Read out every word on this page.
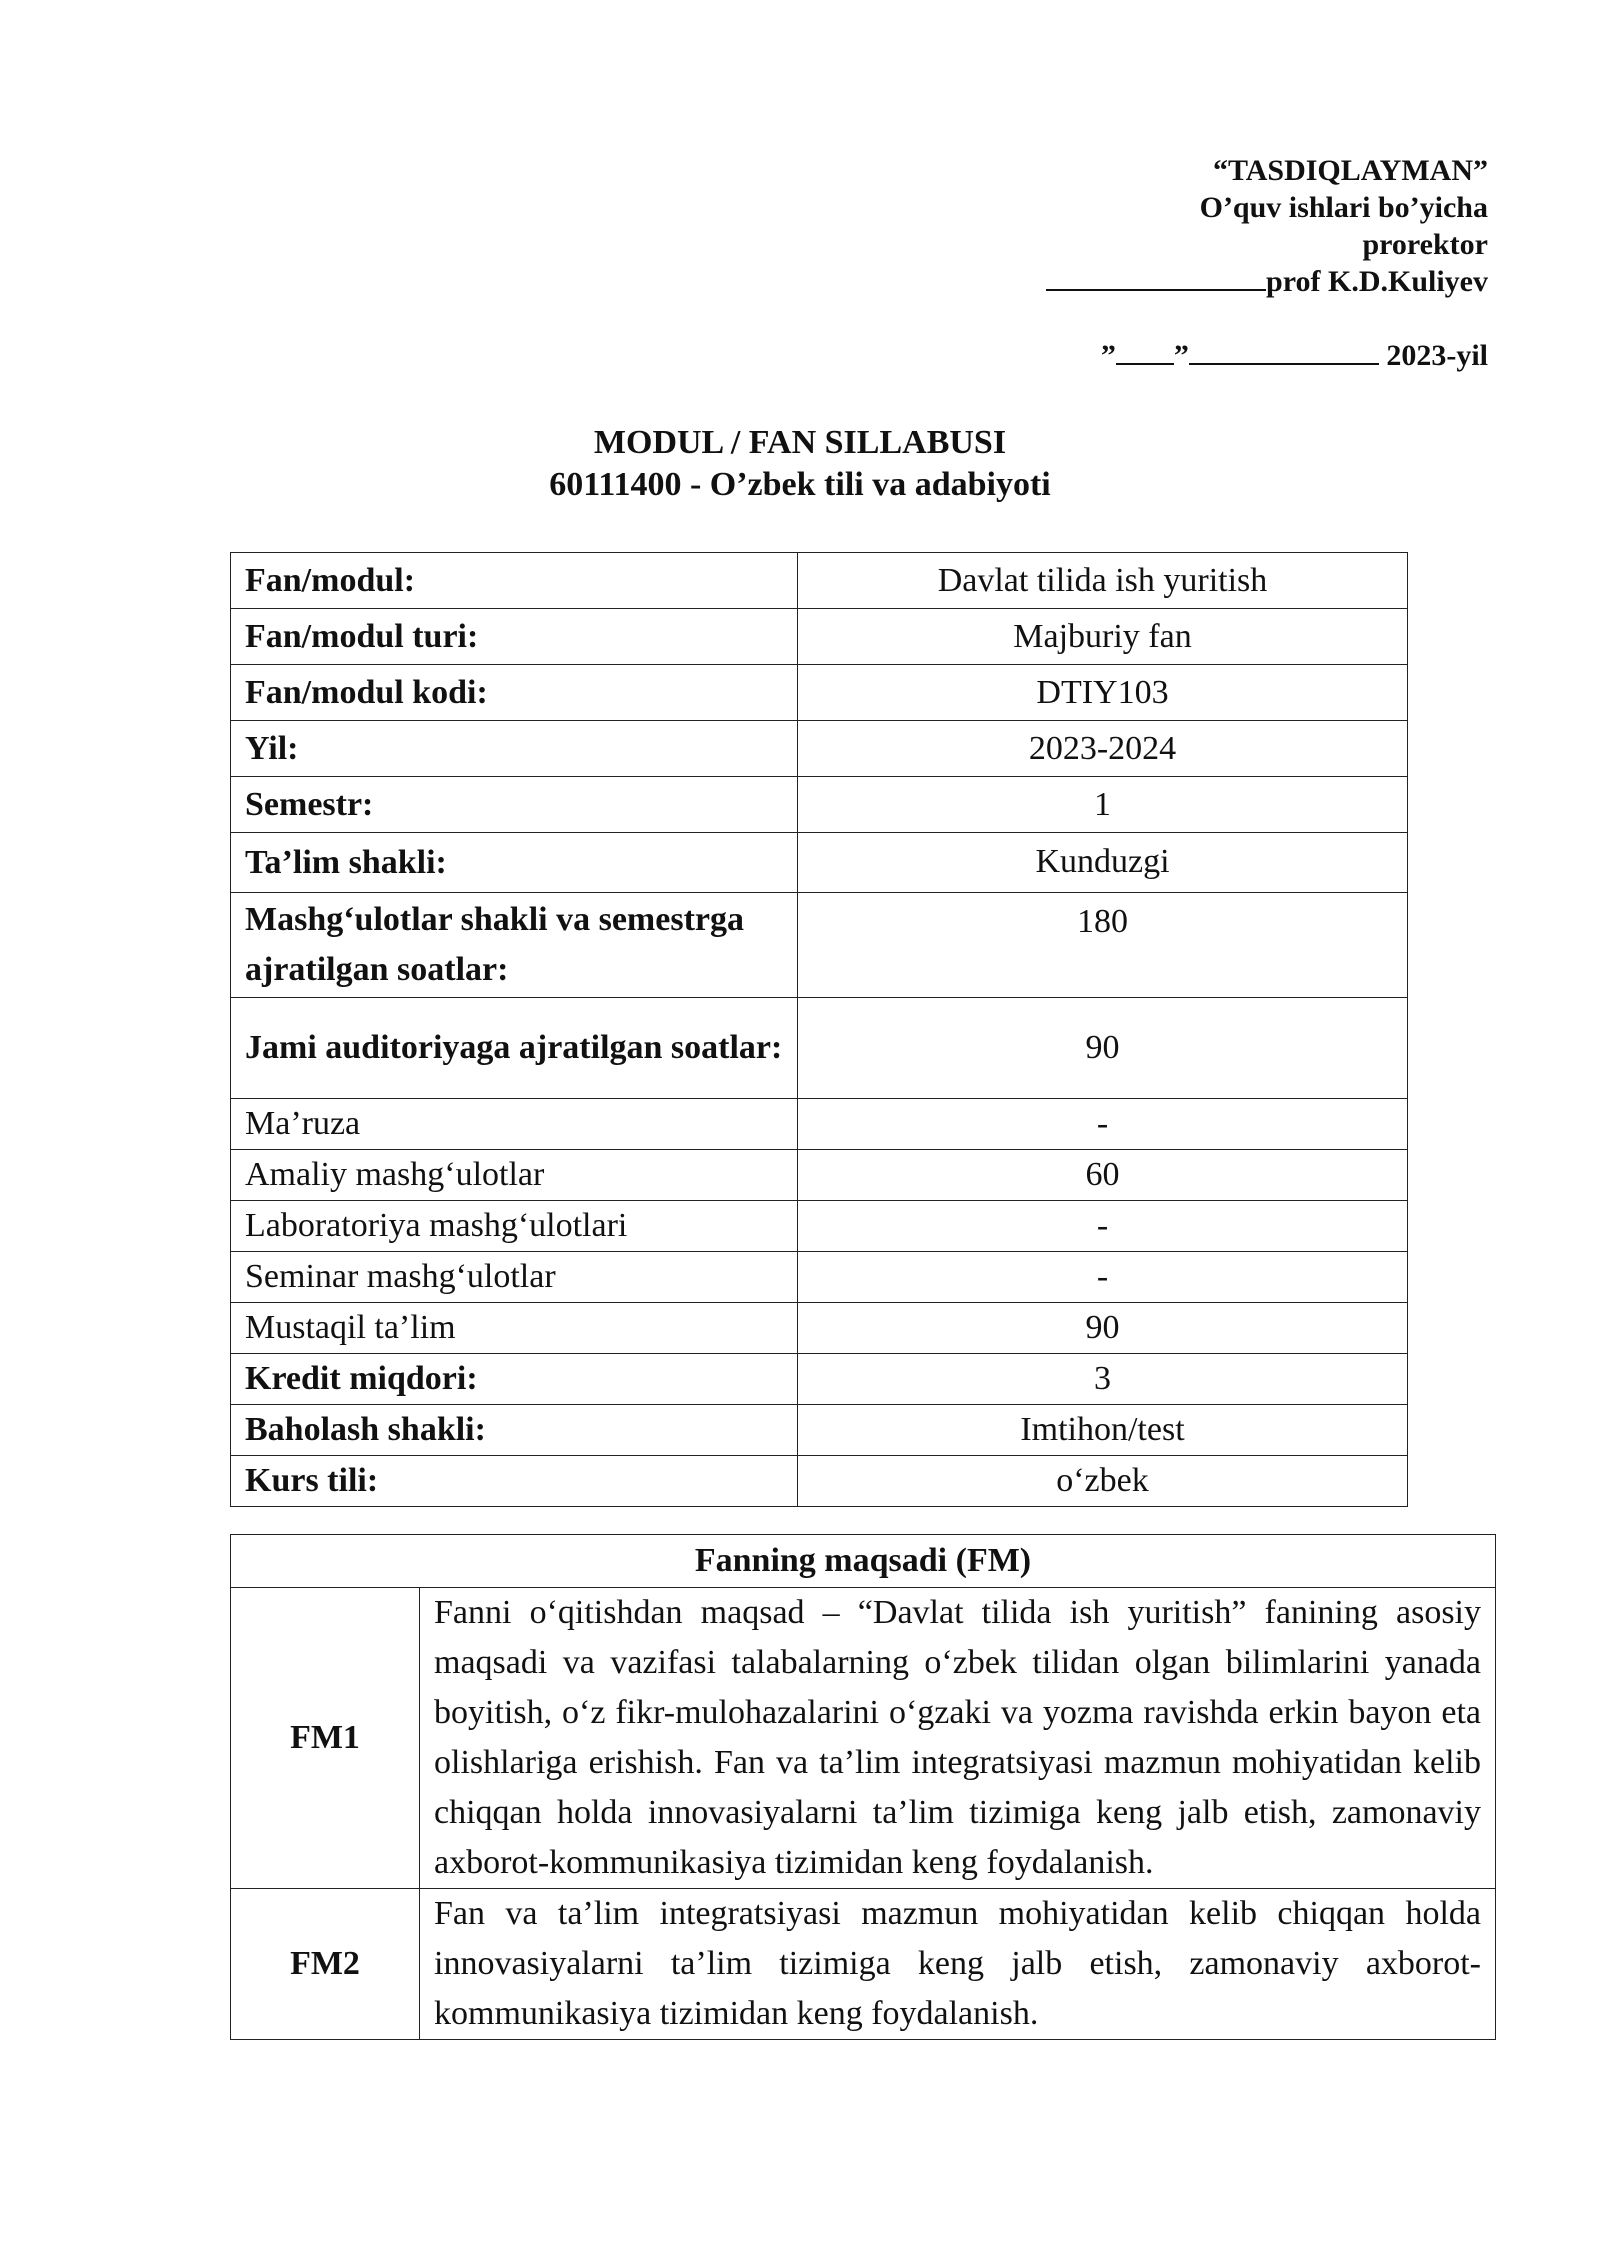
“TASDIQLAYMAN”
O’quv ishlari bo’yicha
prorektor
prof K.D.Kuliyev
” ”	2023-yil
MODUL / FAN SILLABUSI
60111400 - O’zbek tili va adabiyoti
Fan/modul:	Davlat tilida ish yuritish
Fan/modul turi:	Majburiy fan
Fan/modul kodi:	DTIY103
Yil:	2023-2024
Semestr:	1
Ta’lim shakli:	Kunduzgi
Mashg‘ulotlar shakli va semestrga ajratilgan soatlar:	180
Jami auditoriyaga ajratilgan soatlar:	90
Ma’ruza	-
Amaliy mashg‘ulotlar	60
Laboratoriya mashg‘ulotlari	-
Seminar mashg‘ulotlar	-
Mustaqil ta’lim	90
Kredit miqdori:	3
Baholash shakli:	Imtihon/test
Kurs tili:	o‘zbek
Fanning maqsadi (FM)	
FM1	Fanni o‘qitishdan maqsad – “Davlat tilida ish yuritish” fanining asosiy maqsadi va vazifasi talabalarning o‘zbek tilidan olgan bilimlarini yanada boyitish, o‘z fikr-mulohazalarini o‘gzaki va yozma ravishda erkin bayon eta olishlariga erishish. Fan va ta’lim integratsiyasi mazmun mohiyatidan kelib chiqqan holda innovasiyalarni ta’lim tizimiga keng jalb etish, zamonaviy axborot-kommunikasiya tizimidan keng foydalanish.
FM2	Fan va ta’lim integratsiyasi mazmun mohiyatidan kelib chiqqan holda innovasiyalarni ta’lim tizimiga keng jalb etish, zamonaviy axborot-kommunikasiya tizimidan keng foydalanish.
